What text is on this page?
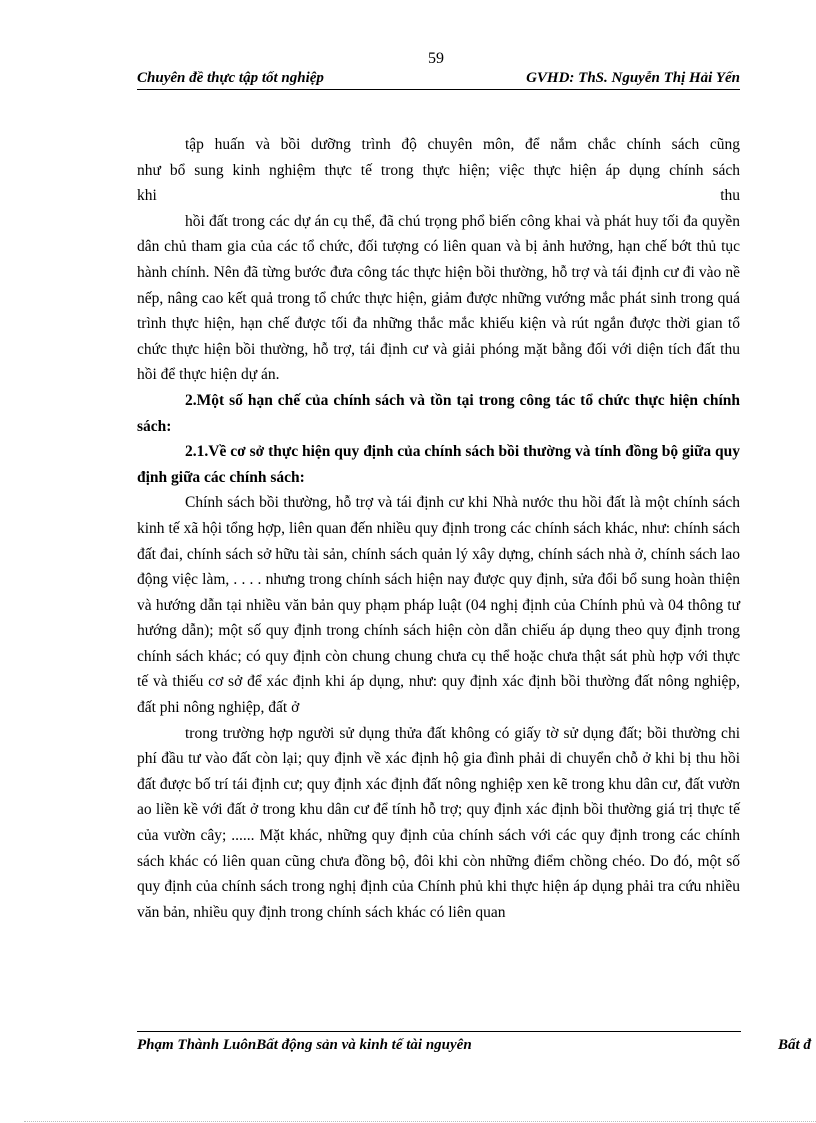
59
Chuyên đề thực tập tốt nghiệp	GVHD: ThS. Nguyễn Thị Hải Yến

tập huấn và bồi dưỡng trình độ chuyên môn, để nắm chắc chính sách cũng

như bổ sung kinh nghiệm thực tế trong thực hiện; việc thực hiện áp dụng chính sách

khi	thu

hồi đất trong các dự án cụ thể, đã chú trọng phổ biến công khai và phát huy tối đa quyền dân chủ tham gia của các tổ chức, đối tượng có liên quan và bị ảnh hưởng, hạn chế bớt thủ tục hành chính. Nên đã từng bước đưa công tác thực hiện bồi thường, hỗ trợ và tái định cư đi vào nề nếp, nâng cao kết quả trong tổ chức thực hiện, giảm được những vướng mắc phát sinh trong quá trình thực hiện, hạn chế được tối đa những thắc mắc khiếu kiện và rút ngắn được thời gian tổ chức thực hiện bồi thường, hỗ trợ, tái định cư và giải phóng mặt bằng đối với diện tích đất thu hồi để thực hiện dự án.

2.Một số hạn chế của chính sách và tồn tại trong công tác tổ chức thực hiện chính sách:

2.1.Về cơ sở thực hiện quy định của chính sách bồi thường và tính đồng bộ giữa quy định giữa các chính sách:

Chính sách bồi thường, hỗ trợ và tái định cư khi Nhà nước thu hồi đất là một chính sách kinh tế xã hội tổng hợp, liên quan đến nhiều quy định trong các chính sách khác, như: chính sách đất đai, chính sách sở hữu tài sản, chính sách quản lý xây dựng, chính sách nhà ở, chính sách lao động việc làm, . . . . nhưng trong chính sách hiện nay được quy định, sửa đổi bổ sung hoàn thiện và hướng dẫn tại nhiều văn bản quy phạm pháp luật (04 nghị định của Chính phủ và 04 thông tư hướng dẫn); một số quy định trong chính sách hiện còn dẫn chiếu áp dụng theo quy định trong chính sách khác; có quy định còn chung chung chưa cụ thể hoặc chưa thật sát phù hợp với thực tế và thiếu cơ sở để xác định khi áp dụng, như: quy định xác định bồi thường đất nông nghiệp, đất phi nông nghiệp, đất ở

trong trường hợp người sử dụng thửa đất không có giấy tờ sử dụng đất; bồi thường chi phí đầu tư vào đất còn lại; quy định về xác định hộ gia đình phải di chuyển chỗ ở khi bị thu hồi đất được bố trí tái định cư; quy định xác định đất nông nghiệp xen kẽ trong khu dân cư, đất vườn ao liền kề với đất ở trong khu dân cư để tính hỗ trợ; quy định xác định bồi thường giá trị thực tế của vườn cây; ...... Mặt khác, những quy định của chính sách với các quy định trong các chính sách khác có liên quan cũng chưa đồng bộ, đôi khi còn những điểm chồng chéo. Do đó, một số quy định của chính sách trong nghị định của Chính phủ khi thực hiện áp dụng phải tra cứu nhiều văn bản, nhiều quy định trong chính sách khác có liên quan

Phạm Thành LuônBất động sản và kinh tế tài nguyên	Bất đ
